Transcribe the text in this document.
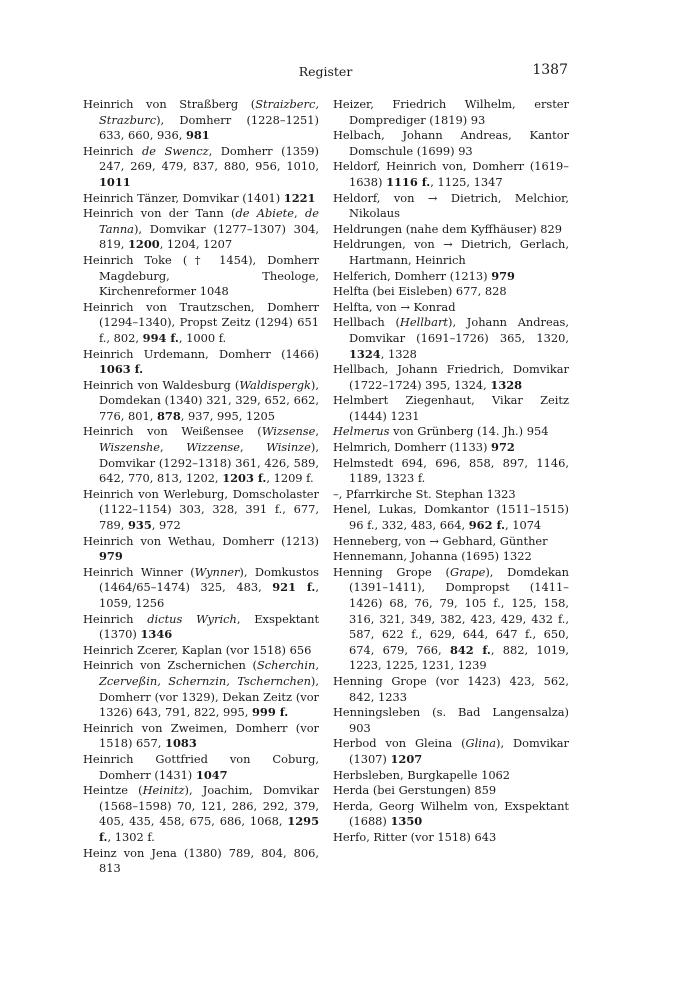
Register	1387

Heinrich von Straßberg (Straizberc, Strazburc), Domherr (1228–1251) 633, 660, 936, 981

Heinrich de Swencz, Domherr (1359) 247, 269, 479, 837, 880, 956, 1010, 1011

Heinrich Tänzer, Domvikar (1401) 1221

Heinrich von der Tann (de Abiete, de Tanna), Domvikar (1277–1307) 304, 819, 1200, 1204, 1207

Heinrich Toke († 1454), Domherr Magdeburg, Theologe, Kirchenreformer 1048

Heinrich von Trautzschen, Domherr (1294–1340), Propst Zeitz (1294) 651 f., 802, 994 f., 1000 f.

Heinrich Urdemann, Domherr (1466) 1063 f.

Heinrich von Waldesburg (Waldispergk), Domdekan (1340) 321, 329, 652, 662, 776, 801, 878, 937, 995, 1205

Heinrich von Weißensee (Wizsense, Wiszenshe, Wizzense, Wisinze), Domvikar (1292–1318) 361, 426, 589, 642, 770, 813, 1202, 1203 f., 1209 f.

Heinrich von Werleburg, Domscholaster (1122–1154) 303, 328, 391 f., 677, 789, 935, 972

Heinrich von Wethau, Domherr (1213) 979

Heinrich Winner (Wynner), Domkustos (1464/65–1474) 325, 483, 921 f., 1059, 1256

Heinrich dictus Wyrich, Exspektant (1370) 1346

Heinrich Zcerer, Kaplan (vor 1518) 656

Heinrich von Zschernichen (Scherchin, Zcerveßin, Schernzin, Tschernchen), Domherr (vor 1329), Dekan Zeitz (vor 1326) 643, 791, 822, 995, 999 f.

Heinrich von Zweimen, Domherr (vor 1518) 657, 1083

Heinrich Gottfried von Coburg, Domherr (1431) 1047

Heintze (Heinitz), Joachim, Domvikar (1568–1598) 70, 121, 286, 292, 379, 405, 435, 458, 675, 686, 1068, 1295 f., 1302 f.

Heinz von Jena (1380) 789, 804, 806, 813

Heizer, Friedrich Wilhelm, erster Domprediger (1819) 93

Helbach, Johann Andreas, Kantor Domschule (1699) 93

Heldorf, Heinrich von, Domherr (1619–1638) 1116 f., 1125, 1347

Heldorf, von → Dietrich, Melchior, Nikolaus

Heldrungen (nahe dem Kyffhäuser) 829

Heldrungen, von → Dietrich, Gerlach, Hartmann, Heinrich

Helferich, Domherr (1213) 979

Helfta (bei Eisleben) 677, 828

Helfta, von → Konrad

Hellbach (Hellbart), Johann Andreas, Domvikar (1691–1726) 365, 1320, 1324, 1328

Hellbach, Johann Friedrich, Domvikar (1722–1724) 395, 1324, 1328

Helmbert Ziegenhaut, Vikar Zeitz (1444) 1231

Helmerus von Grünberg (14. Jh.) 954

Helmrich, Domherr (1133) 972

Helmstedt 694, 696, 858, 897, 1146, 1189, 1323 f.

–, Pfarrkirche St. Stephan 1323

Henel, Lukas, Domkantor (1511–1515) 96 f., 332, 483, 664, 962 f., 1074

Henneberg, von → Gebhard, Günther

Hennemann, Johanna (1695) 1322

Henning Grope (Grape), Domdekan (1391–1411), Dompropst (1411–1426) 68, 76, 79, 105 f., 125, 158, 316, 321, 349, 382, 423, 429, 432 f., 587, 622 f., 629, 644, 647 f., 650, 674, 679, 766, 842 f., 882, 1019, 1223, 1225, 1231, 1239

Henning Grope (vor 1423) 423, 562, 842, 1233

Henningsleben (s. Bad Langensalza) 903

Herbod von Gleina (Glina), Domvikar (1307) 1207

Herbsleben, Burgkapelle 1062

Herda (bei Gerstungen) 859

Herda, Georg Wilhelm von, Exspektant (1688) 1350

Herfo, Ritter (vor 1518) 643
